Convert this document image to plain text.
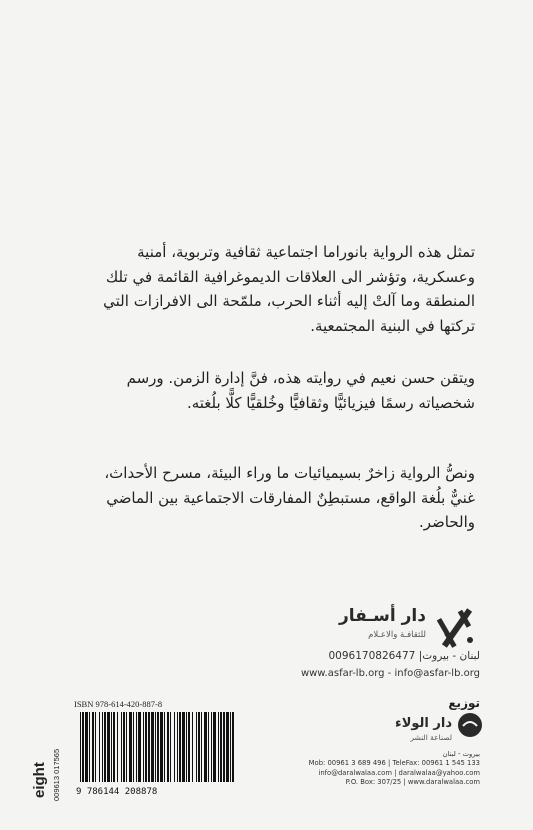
تمثل هذه الرواية بانوراما اجتماعية ثقافية وتربوية، أمنية
وعسكرية، وتؤشر الى العلاقات الديموغرافية القائمة في تلك
المنطقة وما آلتْ إليه أثناء الحرب، ملمّحة الى الافرازات التي
تركتها في البنية المجتمعية.
ويتقن حسن نعيم في روايته هذه، فنَّ إدارة الزمن. ورسم
شخصياته رسمًا فيزيائيًّا وثقافيًّا وخُلقيًّا كلًّا بلُغته.
ونصُّ الرواية زاخرٌ بسيميائيات ما وراء البيئة، مسرح الأحداث،
غنيٌّ بلُغة الواقع، مستبطِنٌ المفارقات الاجتماعية بين الماضي
والحاضر.
دار أسـفار
للثقافـة والاعـلام
لبنان - بيروت| 0096170826477
www.asfar-lb.org - info@asfar-lb.org
توزيع
دار الولاء
لصناعة النشر
بيروت - لبنان
Mob: 00961 3 689 496 | TeleFax: 00961 1 545 133
info@daralwalaa.com | daralwalaa@yahoo.com
P.O. Box: 307/25 | www.daralwalaa.com
ISBN 978-614-420-887-8
9 786144 208878
eight 009613 017565
